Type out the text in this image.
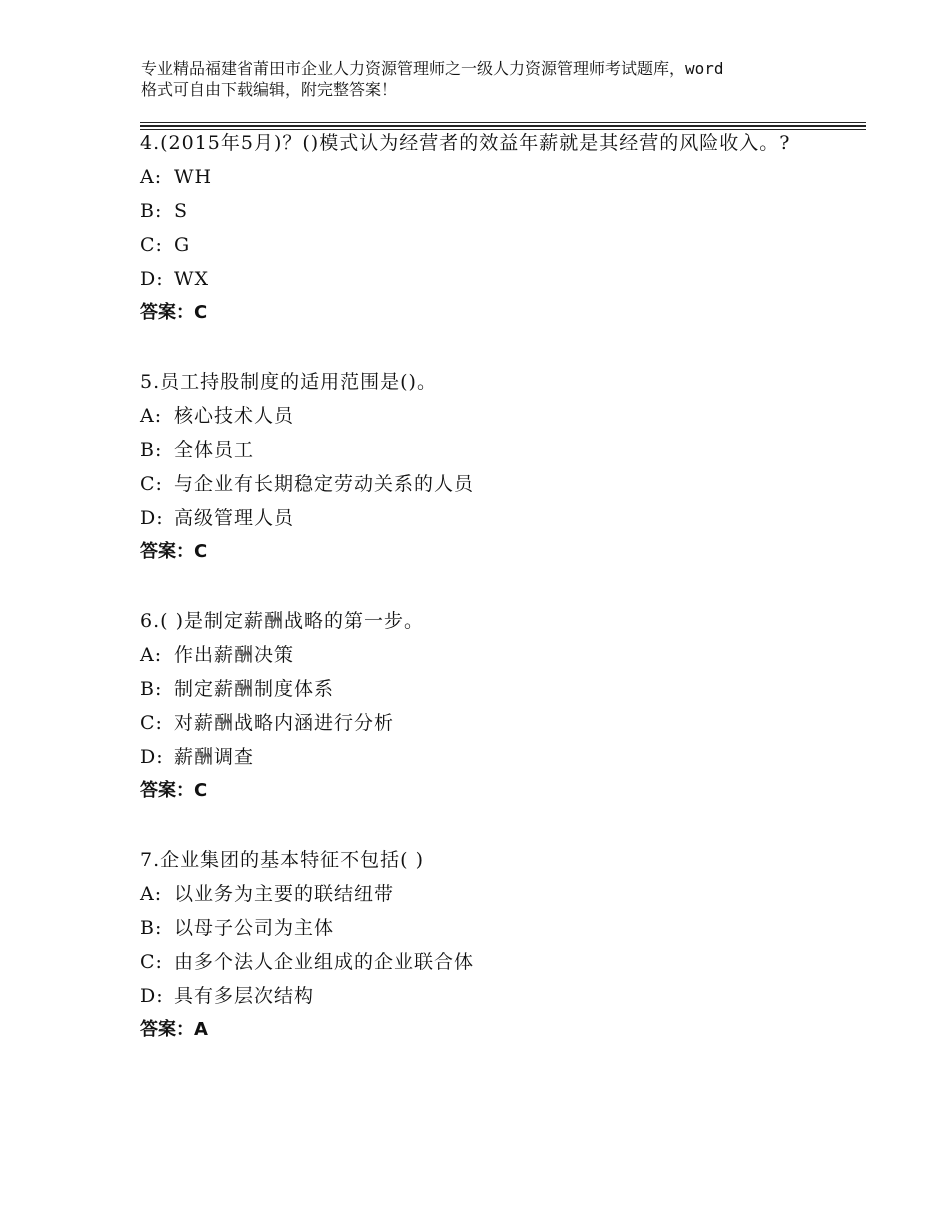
专业精品福建省莆田市企业人力资源管理师之一级人力资源管理师考试题库，word
格式可自由下载编辑，附完整答案！

4.(2015年5月)？()模式认为经营者的效益年薪就是其经营的风险收入。?

A: WH

B: S

C: G

D: WX

答案：C

5.员工持股制度的适用范围是()。

A: 核心技术人员

B: 全体员工

C: 与企业有长期稳定劳动关系的人员

D: 高级管理人员

答案：C

6.( )是制定薪酬战略的第一步。

A: 作出薪酬决策

B: 制定薪酬制度体系

C: 对薪酬战略内涵进行分析

D: 薪酬调查

答案：C

7.企业集团的基本特征不包括( )

A: 以业务为主要的联结纽带

B: 以母子公司为主体

C: 由多个法人企业组成的企业联合体

D: 具有多层次结构

答案：A
